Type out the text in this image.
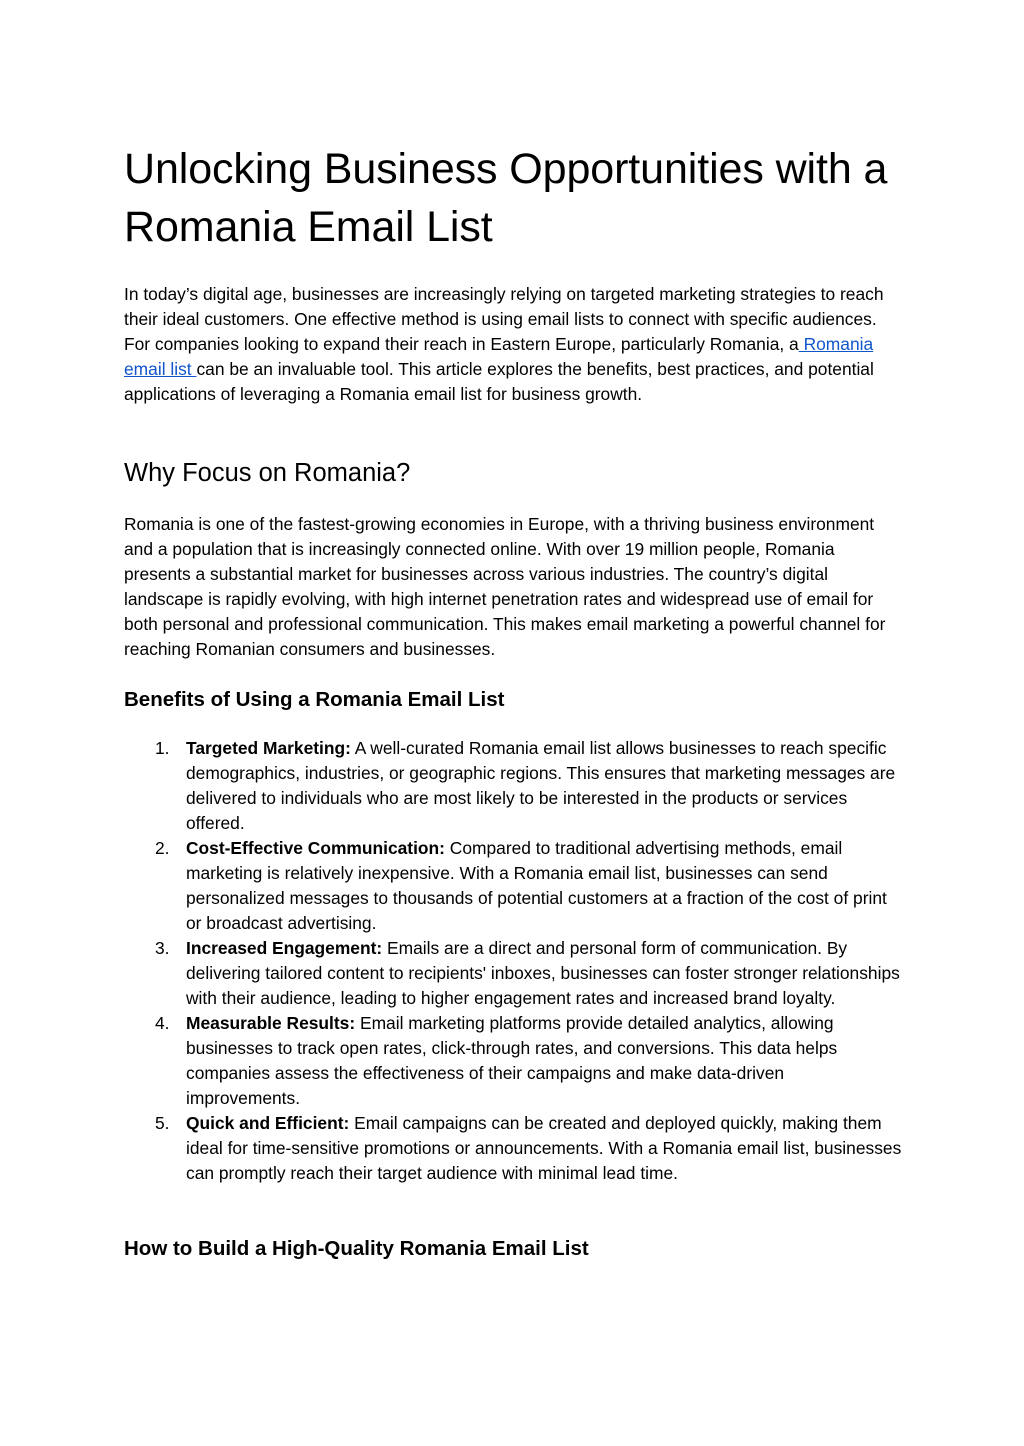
Unlocking Business Opportunities with a Romania Email List

In today’s digital age, businesses are increasingly relying on targeted marketing strategies to reach their ideal customers. One effective method is using email lists to connect with specific audiences. For companies looking to expand their reach in Eastern Europe, particularly Romania, a Romania email list can be an invaluable tool. This article explores the benefits, best practices, and potential applications of leveraging a Romania email list for business growth.

Why Focus on Romania?

Romania is one of the fastest-growing economies in Europe, with a thriving business environment and a population that is increasingly connected online. With over 19 million people, Romania presents a substantial market for businesses across various industries. The country’s digital landscape is rapidly evolving, with high internet penetration rates and widespread use of email for both personal and professional communication. This makes email marketing a powerful channel for reaching Romanian consumers and businesses.

Benefits of Using a Romania Email List
1. Targeted Marketing: A well-curated Romania email list allows businesses to reach specific demographics, industries, or geographic regions. This ensures that marketing messages are delivered to individuals who are most likely to be interested in the products or services offered.
2. Cost-Effective Communication: Compared to traditional advertising methods, email marketing is relatively inexpensive. With a Romania email list, businesses can send personalized messages to thousands of potential customers at a fraction of the cost of print or broadcast advertising.
3. Increased Engagement: Emails are a direct and personal form of communication. By delivering tailored content to recipients' inboxes, businesses can foster stronger relationships with their audience, leading to higher engagement rates and increased brand loyalty.
4. Measurable Results: Email marketing platforms provide detailed analytics, allowing businesses to track open rates, click-through rates, and conversions. This data helps companies assess the effectiveness of their campaigns and make data-driven improvements.
5. Quick and Efficient: Email campaigns can be created and deployed quickly, making them ideal for time-sensitive promotions or announcements. With a Romania email list, businesses can promptly reach their target audience with minimal lead time.
How to Build a High-Quality Romania Email List
